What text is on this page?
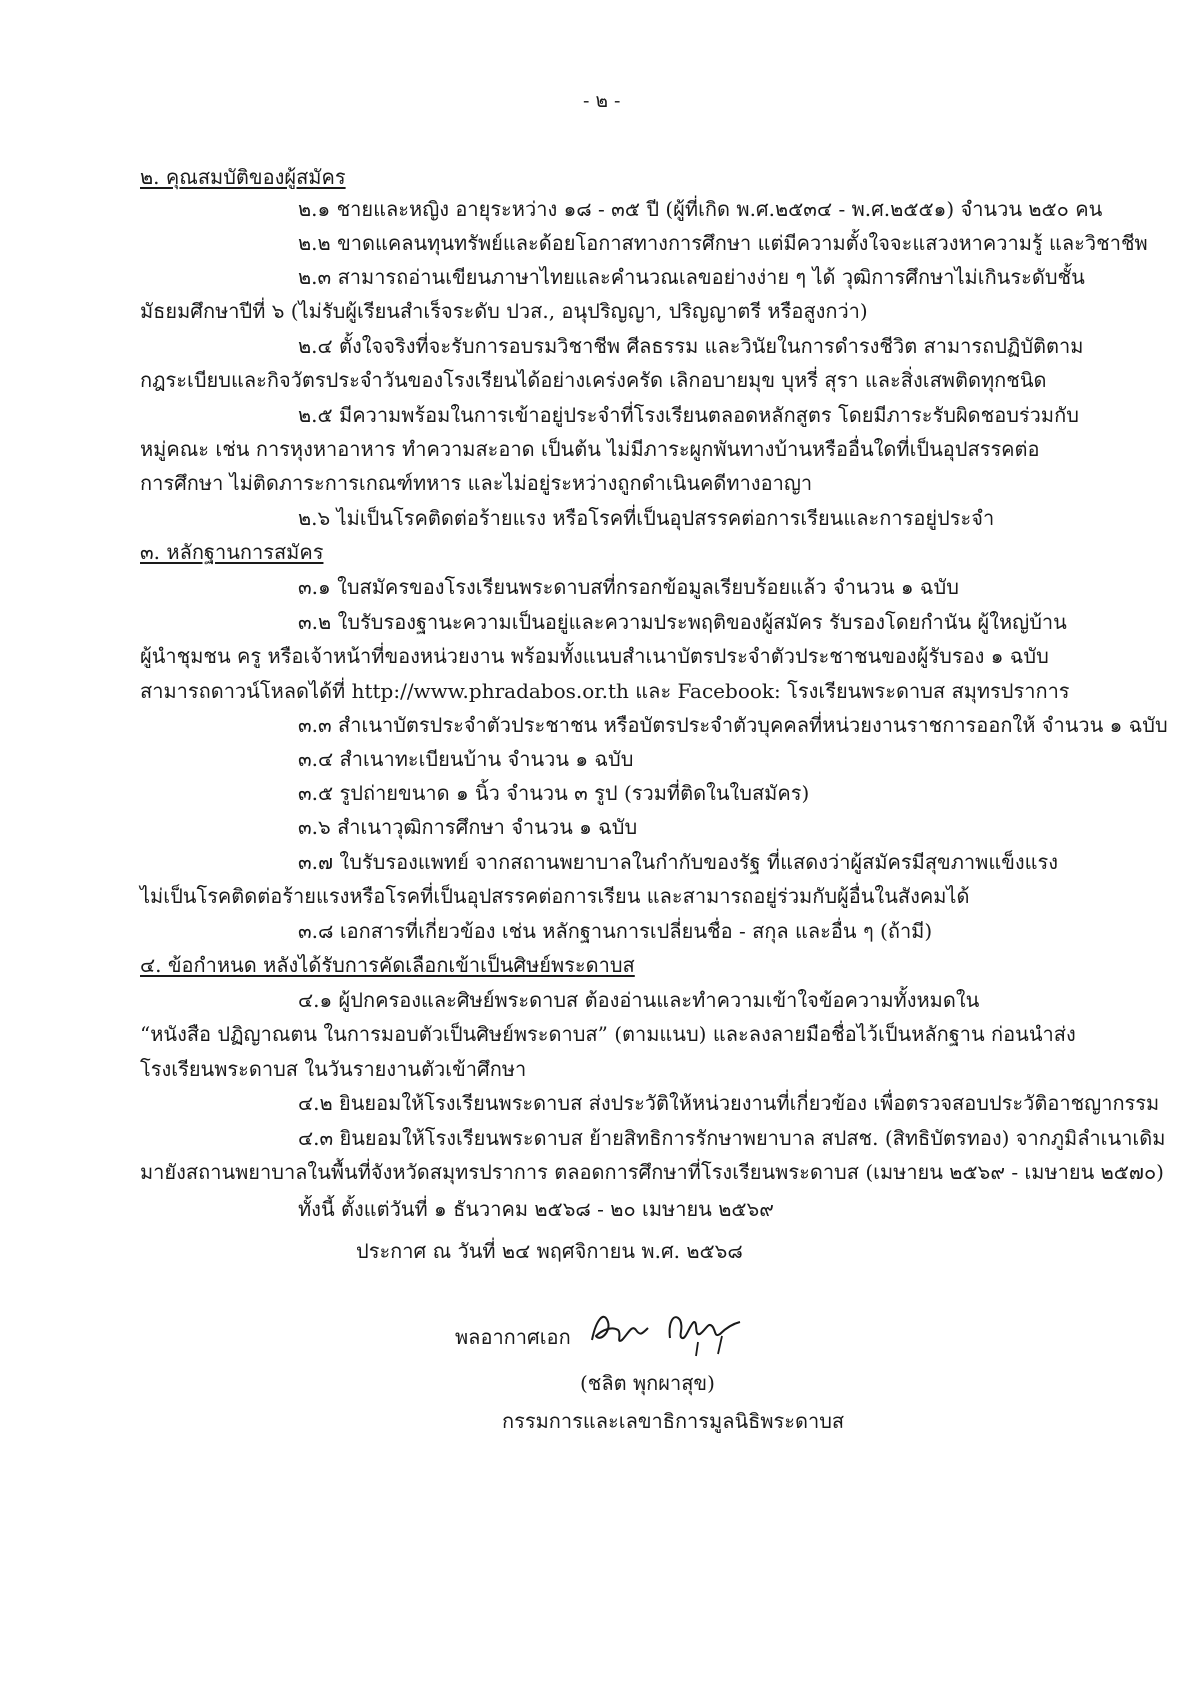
- ๒ -
๒. คุณสมบัติของผู้สมัคร
๒.๑ ชายและหญิง อายุระหว่าง ๑๘ - ๓๕ ปี (ผู้ที่เกิด พ.ศ.๒๕๓๔ - พ.ศ.๒๕๕๑) จำนวน ๒๕๐ คน
๒.๒ ขาดแคลนทุนทรัพย์และด้อยโอกาสทางการศึกษา แต่มีความตั้งใจจะแสวงหาความรู้ และวิชาชีพ
๒.๓ สามารถอ่านเขียนภาษาไทยและคำนวณเลขอย่างง่าย ๆ ได้ วุฒิการศึกษาไม่เกินระดับชั้น
มัธยมศึกษาปีที่ ๖ (ไม่รับผู้เรียนสำเร็จระดับ ปวส., อนุปริญญา, ปริญญาตรี หรือสูงกว่า)
๒.๔ ตั้งใจจริงที่จะรับการอบรมวิชาชีพ ศีลธรรม และวินัยในการดำรงชีวิต สามารถปฏิบัติตาม
กฎระเบียบและกิจวัตรประจำวันของโรงเรียนได้อย่างเคร่งครัด เลิกอบายมุข บุหรี่ สุรา และสิ่งเสพติดทุกชนิด
๒.๕ มีความพร้อมในการเข้าอยู่ประจำที่โรงเรียนตลอดหลักสูตร โดยมีภาระรับผิดชอบร่วมกับ
หมู่คณะ เช่น การหุงหาอาหาร ทำความสะอาด เป็นต้น ไม่มีภาระผูกพันทางบ้านหรืออื่นใดที่เป็นอุปสรรคต่อ
การศึกษา ไม่ติดภาระการเกณฑ์ทหาร และไม่อยู่ระหว่างถูกดำเนินคดีทางอาญา
๒.๖ ไม่เป็นโรคติดต่อร้ายแรง หรือโรคที่เป็นอุปสรรคต่อการเรียนและการอยู่ประจำ
๓. หลักฐานการสมัคร
๓.๑ ใบสมัครของโรงเรียนพระดาบสที่กรอกข้อมูลเรียบร้อยแล้ว จำนวน ๑ ฉบับ
๓.๒ ใบรับรองฐานะความเป็นอยู่และความประพฤติของผู้สมัคร รับรองโดยกำนัน ผู้ใหญ่บ้าน
ผู้นำชุมชน ครู หรือเจ้าหน้าที่ของหน่วยงาน พร้อมทั้งแนบสำเนาบัตรประจำตัวประชาชนของผู้รับรอง ๑ ฉบับ
สามารถดาวน์โหลดได้ที่ http://www.phradabos.or.th และ Facebook: โรงเรียนพระดาบส สมุทรปราการ
๓.๓ สำเนาบัตรประจำตัวประชาชน หรือบัตรประจำตัวบุคคลที่หน่วยงานราชการออกให้ จำนวน ๑ ฉบับ
๓.๔ สำเนาทะเบียนบ้าน จำนวน ๑ ฉบับ
๓.๕ รูปถ่ายขนาด ๑ นิ้ว จำนวน ๓ รูป (รวมที่ติดในใบสมัคร)
๓.๖ สำเนาวุฒิการศึกษา จำนวน ๑ ฉบับ
๓.๗ ใบรับรองแพทย์ จากสถานพยาบาลในกำกับของรัฐ ที่แสดงว่าผู้สมัครมีสุขภาพแข็งแรง
ไม่เป็นโรคติดต่อร้ายแรงหรือโรคที่เป็นอุปสรรคต่อการเรียน และสามารถอยู่ร่วมกับผู้อื่นในสังคมได้
๓.๘ เอกสารที่เกี่ยวข้อง เช่น หลักฐานการเปลี่ยนชื่อ - สกุล และอื่น ๆ (ถ้ามี)
๔. ข้อกำหนด หลังได้รับการคัดเลือกเข้าเป็นศิษย์พระดาบส
๔.๑ ผู้ปกครองและศิษย์พระดาบส ต้องอ่านและทำความเข้าใจข้อความทั้งหมดใน
“หนังสือ ปฏิญาณตน ในการมอบตัวเป็นศิษย์พระดาบส” (ตามแนบ) และลงลายมือชื่อไว้เป็นหลักฐาน ก่อนนำส่ง
โรงเรียนพระดาบส ในวันรายงานตัวเข้าศึกษา
๔.๒ ยินยอมให้โรงเรียนพระดาบส ส่งประวัติให้หน่วยงานที่เกี่ยวข้อง เพื่อตรวจสอบประวัติอาชญากรรม
๔.๓ ยินยอมให้โรงเรียนพระดาบส ย้ายสิทธิการรักษาพยาบาล สปสช. (สิทธิบัตรทอง) จากภูมิลำเนาเดิม
มายังสถานพยาบาลในพื้นที่จังหวัดสมุทรปราการ ตลอดการศึกษาที่โรงเรียนพระดาบส (เมษายน ๒๕๖๙ - เมษายน ๒๕๗๐)
ทั้งนี้ ตั้งแต่วันที่ ๑ ธันวาคม ๒๕๖๘ - ๒๐ เมษายน ๒๕๖๙
ประกาศ ณ วันที่ ๒๔ พฤศจิกายน พ.ศ. ๒๕๖๘
พลอากาศเอก
(ชลิต พุกผาสุข)
กรรมการและเลขาธิการมูลนิธิพระดาบส
